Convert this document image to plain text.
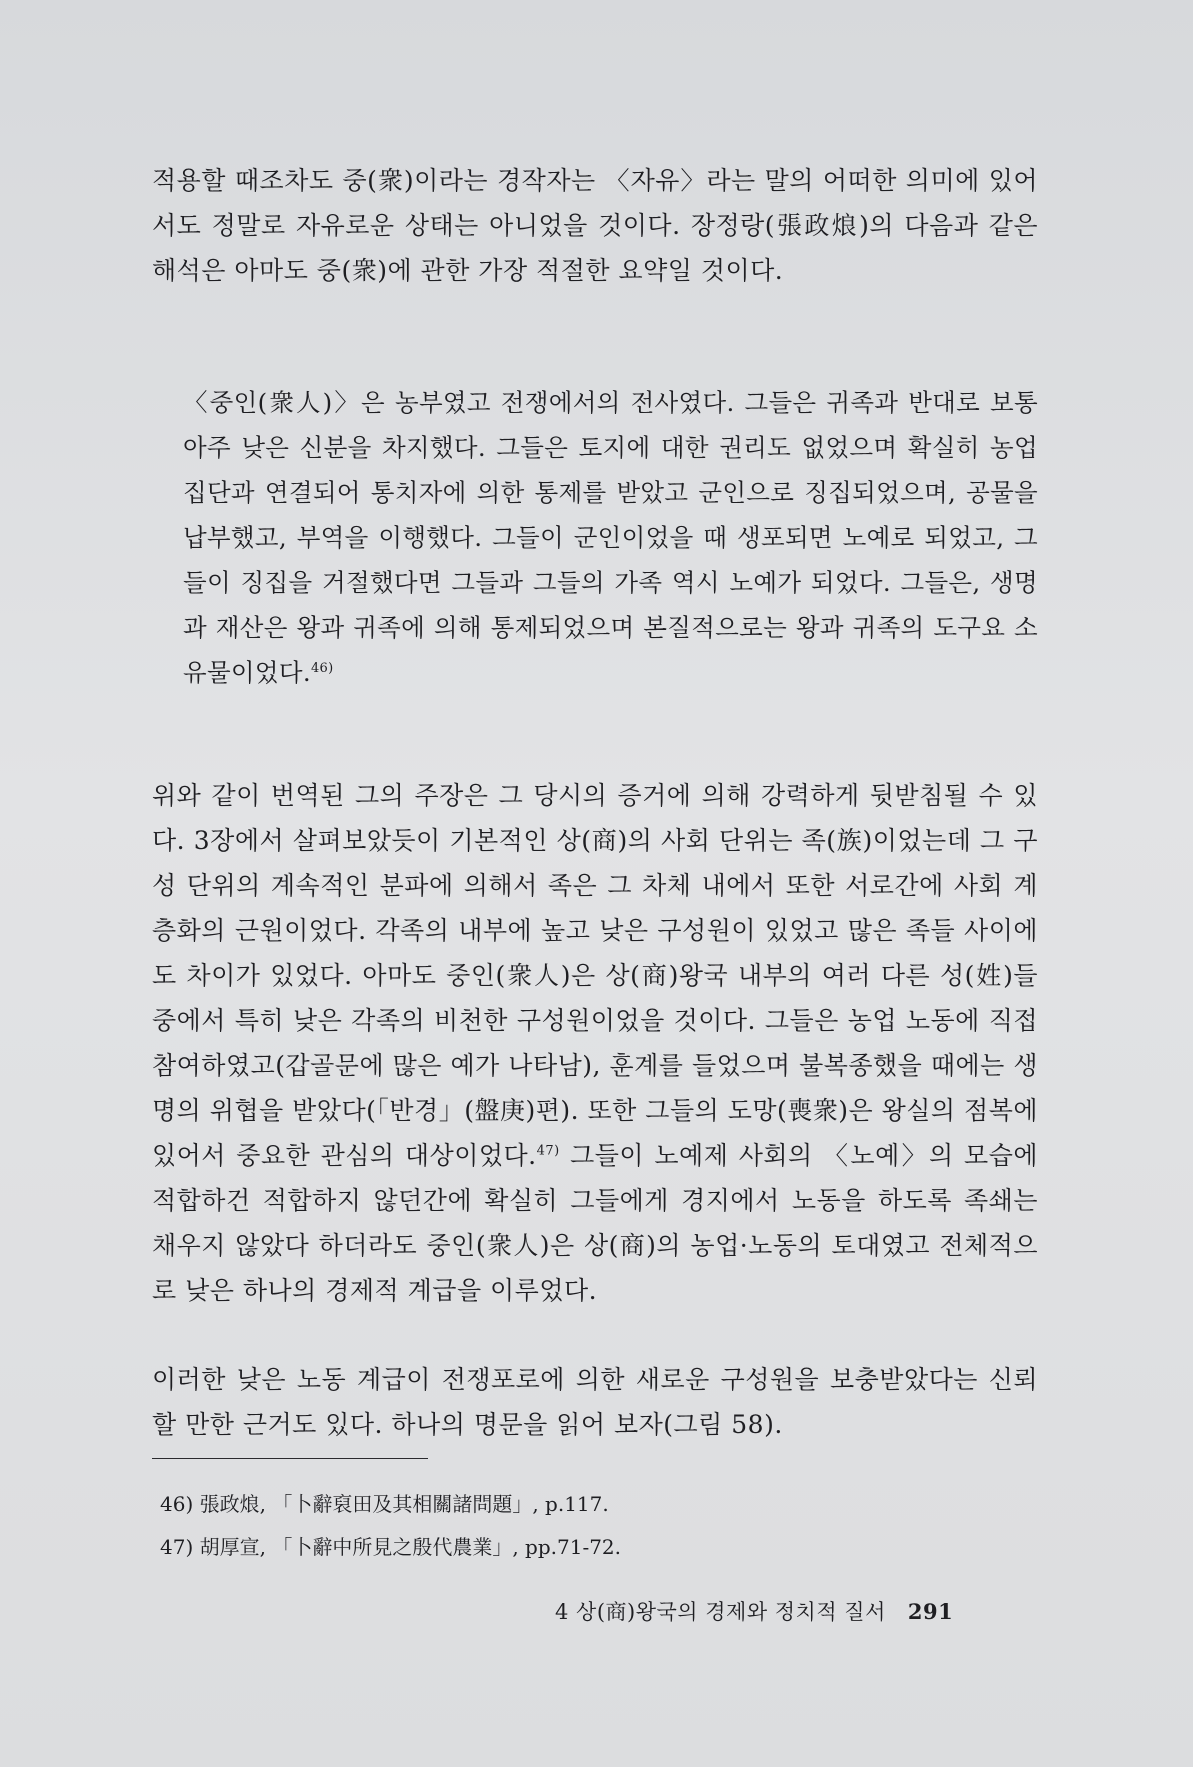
적용할 때조차도 중(衆)이라는 경작자는 〈자유〉라는 말의 어떠한 의미에 있어서도 정말로 자유로운 상태는 아니었을 것이다. 장정랑(張政烺)의 다음과 같은 해석은 아마도 중(衆)에 관한 가장 적절한 요약일 것이다.

〈중인(衆人)〉은 농부였고 전쟁에서의 전사였다. 그들은 귀족과 반대로 보통 아주 낮은 신분을 차지했다. 그들은 토지에 대한 권리도 없었으며 확실히 농업집단과 연결되어 통치자에 의한 통제를 받았고 군인으로 징집되었으며, 공물을 납부했고, 부역을 이행했다. 그들이 군인이었을 때 생포되면 노예로 되었고, 그들이 징집을 거절했다면 그들과 그들의 가족 역시 노예가 되었다. 그들은, 생명과 재산은 왕과 귀족에 의해 통제되었으며 본질적으로는 왕과 귀족의 도구요 소유물이었다.$^{46)}$

위와 같이 번역된 그의 주장은 그 당시의 증거에 의해 강력하게 뒷받침될 수 있다. 3장에서 살펴보았듯이 기본적인 상(商)의 사회 단위는 족(族)이었는데 그 구성 단위의 계속적인 분파에 의해서 족은 그 차체 내에서 또한 서로간에 사회 계층화의 근원이었다. 각족의 내부에 높고 낮은 구성원이 있었고 많은 족들 사이에도 차이가 있었다. 아마도 중인(衆人)은 상(商)왕국 내부의 여러 다른 성(姓)들 중에서 특히 낮은 각족의 비천한 구성원이었을 것이다. 그들은 농업 노동에 직접 참여하였고(갑골문에 많은 예가 나타남), 훈계를 들었으며 불복종했을 때에는 생명의 위협을 받았다(「반경」(盤庚)편). 또한 그들의 도망(喪衆)은 왕실의 점복에 있어서 중요한 관심의 대상이었다.$^{47)}$ 그들이 노예제 사회의 〈노예〉의 모습에 적합하건 적합하지 않던간에 확실히 그들에게 경지에서 노동을 하도록 족쇄는 채우지 않았다 하더라도 중인(衆人)은 상(商)의 농업·노동의 토대였고 전체적으로 낮은 하나의 경제적 계급을 이루었다.

이러한 낮은 노동 계급이 전쟁포로에 의한 새로운 구성원을 보충받았다는 신뢰할 만한 근거도 있다. 하나의 명문을 읽어 보자(그림 58).

46) 張政烺, 「卜辭裒田及其相關諸問題」, p.117.
47) 胡厚宣, 「卜辭中所見之殷代農業」, pp.71-72.
4 상(商)왕국의 경제와 정치적 질서 291
